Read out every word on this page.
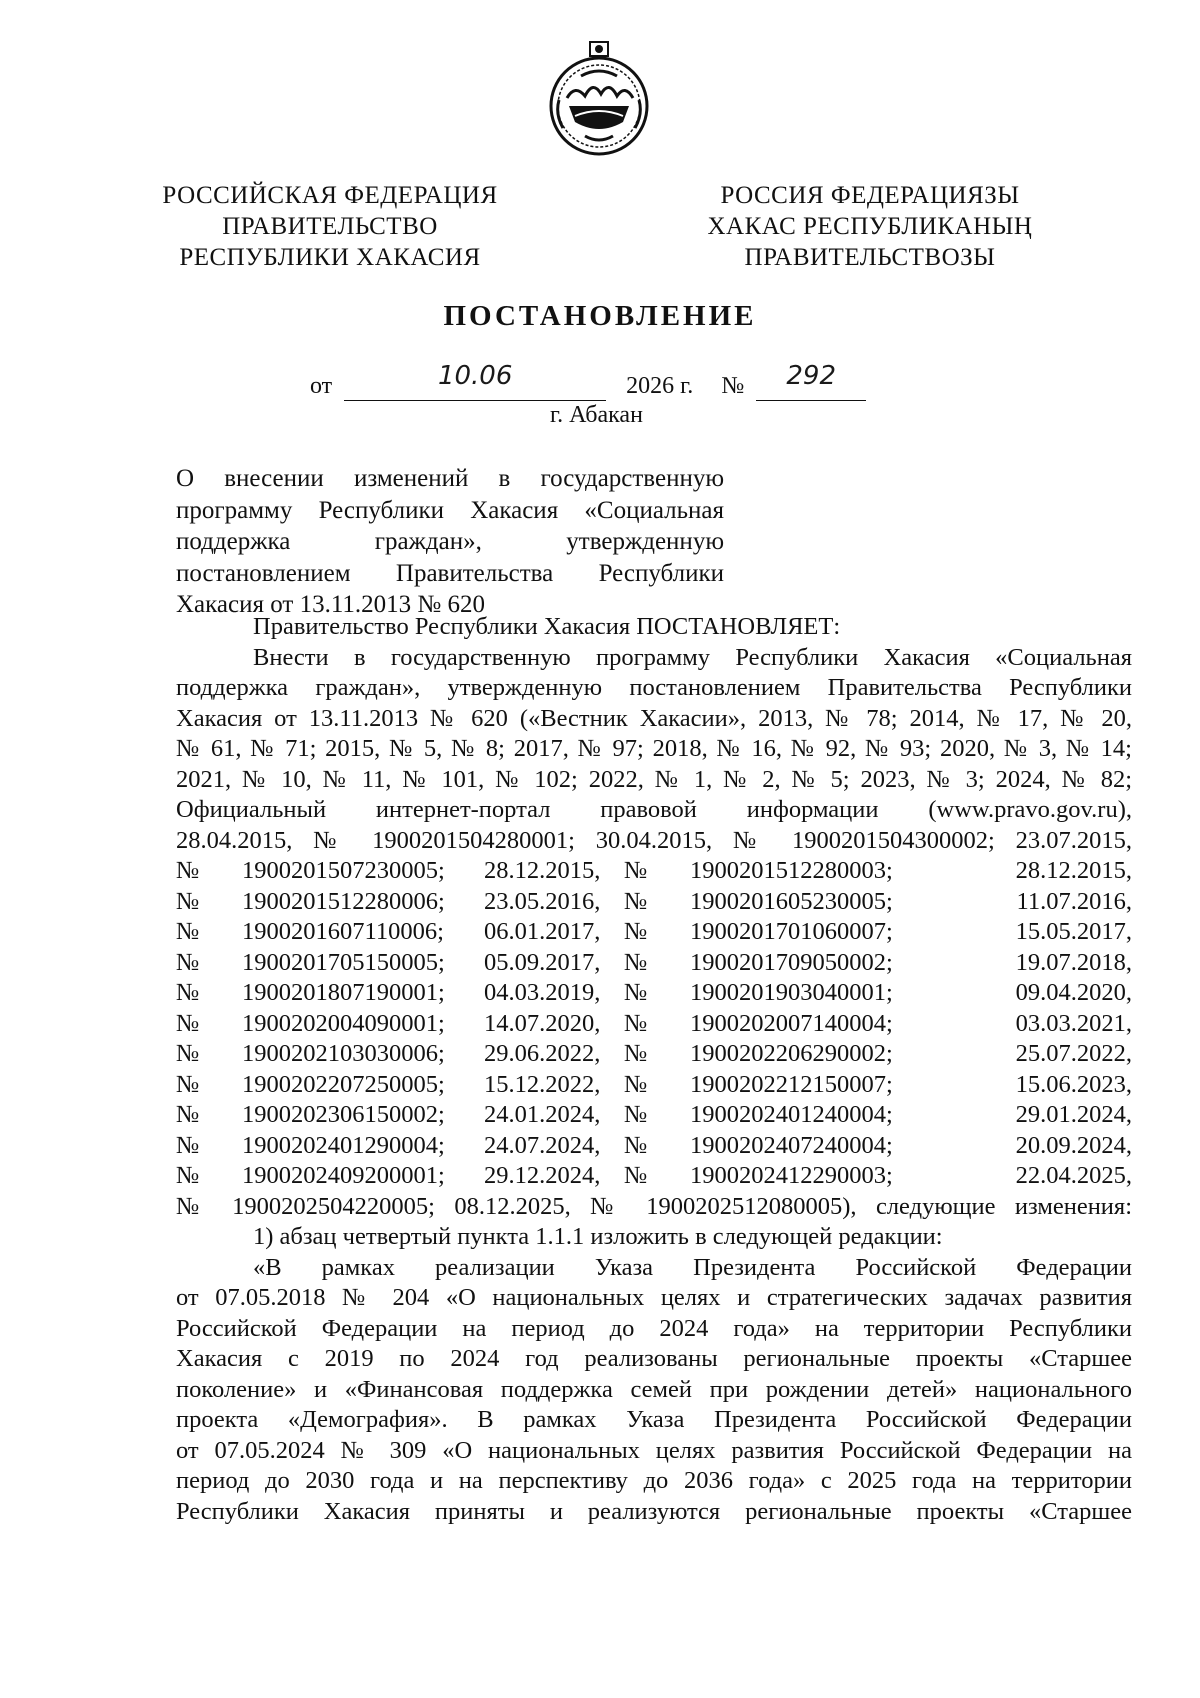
РОССИЙСКАЯ ФЕДЕРАЦИЯ
ПРАВИТЕЛЬСТВО
РЕСПУБЛИКИ ХАКАСИЯ
РОССИЯ ФЕДЕРАЦИЯЗЫ
ХАКАС РЕСПУБЛИКАНЫҢ
ПРАВИТЕЛЬСТВОЗЫ
ПОСТАНОВЛЕНИЕ
от	10.06	2026 г. №	292

г. Абакан
О внесении изменений в государственную
программу Республики Хакасия «Социальная
поддержка граждан», утвержденную
постановлением Правительства Республики
Хакасия от 13.11.2013 № 620
Правительство Республики Хакасия ПОСТАНОВЛЯЕТ:
Внести в государственную программу Республики Хакасия «Социальная
поддержка граждан», утвержденную постановлением Правительства Республики
Хакасия от 13.11.2013 № 620 («Вестник Хакасии», 2013, № 78; 2014, № 17, № 20,
№ 61, № 71; 2015, № 5, № 8; 2017, № 97; 2018, № 16, № 92, № 93; 2020, № 3, № 14;
2021, № 10, № 11, № 101, № 102; 2022, № 1, № 2, № 5; 2023, № 3; 2024, № 82;
Официальный интернет-портал правовой информации (www.pravo.gov.ru),
28.04.2015, № 1900201504280001; 30.04.2015, № 1900201504300002; 23.07.2015,
№	1900201507230005;	28.12.2015, №	1900201512280003;	28.12.2015,
№	1900201512280006;	23.05.2016, №	1900201605230005;	11.07.2016,
№	1900201607110006;	06.01.2017, №	1900201701060007;	15.05.2017,
№	1900201705150005;	05.09.2017, №	1900201709050002;	19.07.2018,
№	1900201807190001;	04.03.2019, №	1900201903040001;	09.04.2020,
№	1900202004090001;	14.07.2020, №	1900202007140004;	03.03.2021,
№	1900202103030006;	29.06.2022, №	1900202206290002;	25.07.2022,
№	1900202207250005;	15.12.2022, №	1900202212150007;	15.06.2023,
№	1900202306150002;	24.01.2024, №	1900202401240004;	29.01.2024,
№	1900202401290004;	24.07.2024, №	1900202407240004;	20.09.2024,
№	1900202409200001;	29.12.2024, №	1900202412290003;	22.04.2025,
№ 1900202504220005; 08.12.2025, № 1900202512080005), следующие изменения:
1) абзац четвертый пункта 1.1.1 изложить в следующей редакции:
«В рамках реализации Указа Президента Российской Федерации
от 07.05.2018 № 204 «О национальных целях и стратегических задачах развития
Российской Федерации на период до 2024 года» на территории Республики
Хакасия с 2019 по 2024 год реализованы региональные проекты «Старшее
поколение» и «Финансовая поддержка семей при рождении детей» национального
проекта «Демография». В рамках Указа Президента Российской Федерации
от 07.05.2024 № 309 «О национальных целях развития Российской Федерации на
период до 2030 года и на перспективу до 2036 года» с 2025 года на территории
Республики Хакасия приняты и реализуются региональные проекты «Старшее
